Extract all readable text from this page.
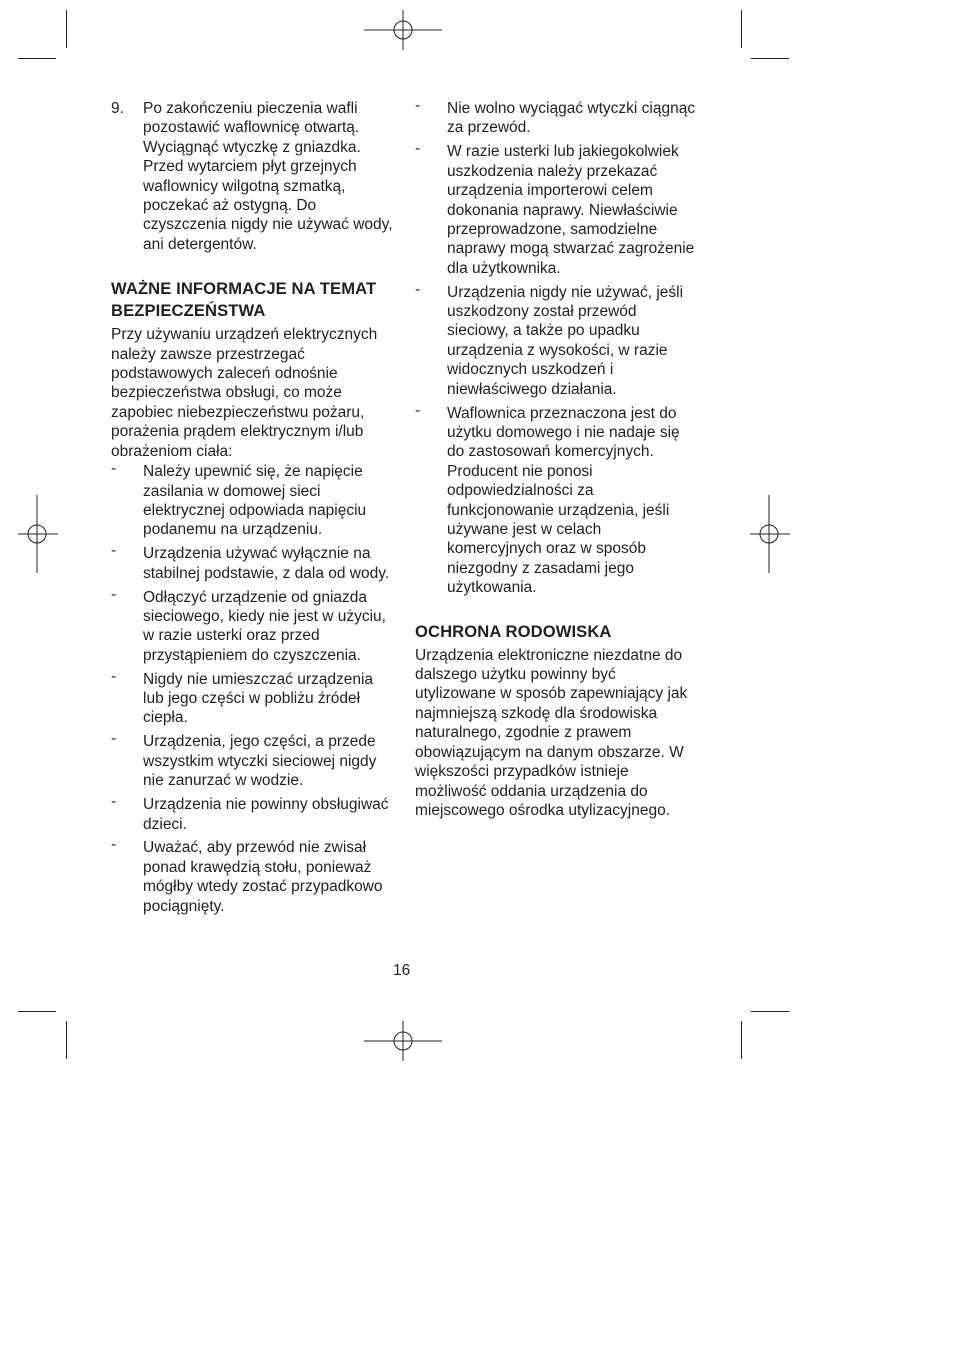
9. Po zakończeniu pieczenia wafli pozostawić waflownicę otwartą. Wyciągnąć wtyczkę z gniazdka. Przed wytarciem płyt grzejnych waflownicy wilgotną szmatką, poczekać aż ostygną. Do czyszczenia nigdy nie używać wody, ani detergentów.
WAŻNE INFORMACJE NA TEMAT BEZPIECZEŃSTWA

Przy używaniu urządzeń elektrycznych należy zawsze przestrzegać podstawowych zaleceń odnośnie bezpieczeństwa obsługi, co może zapobiec niebezpieczeństwu pożaru, porażenia prądem elektrycznym i/lub obrażeniom ciała:

- Należy upewnić się, że napięcie zasilania w domowej sieci elektrycznej odpowiada napięciu podanemu na urządzeniu.
- Urządzenia używać wyłącznie na stabilnej podstawie, z dala od wody.
- Odłączyć urządzenie od gniazda sieciowego, kiedy nie jest w użyciu, w razie usterki oraz przed przystąpieniem do czyszczenia.
- Nigdy nie umieszczać urządzenia lub jego części w pobliżu źródeł ciepła.
- Urządzenia, jego części, a przede wszystkim wtyczki sieciowej nigdy nie zanurzać w wodzie.
- Urządzenia nie powinny obsługiwać dzieci.
- Uważać, aby przewód nie zwisał ponad krawędzią stołu, ponieważ mógłby wtedy zostać przypadkowo pociągnięty.
- Nie wolno wyciągać wtyczki ciągnąc za przewód.
- W razie usterki lub jakiegokolwiek uszkodzenia należy przekazać urządzenia importerowi celem dokonania naprawy. Niewłaściwie przeprowadzone, samodzielne naprawy mogą stwarzać zagrożenie dla użytkownika.
- Urządzenia nigdy nie używać, jeśli uszkodzony został przewód sieciowy, a także po upadku urządzenia z wysokości, w razie widocznych uszkodzeń i niewłaściwego działania.
- Waflownica przeznaczona jest do użytku domowego i nie nadaje się do zastosowań komercyjnych. Producent nie ponosi odpowiedzialności za funkcjonowanie urządzenia, jeśli używane jest w celach komercyjnych oraz w sposób niezgodny z zasadami jego użytkowania.
OCHRONA RODOWISKA

Urządzenia elektroniczne niezdatne do dalszego użytku powinny być utylizowane w sposób zapewniający jak najmniejszą szkodę dla środowiska naturalnego, zgodnie z prawem obowiązującym na danym obszarze. W większości przypadków istnieje możliwość oddania urządzenia do miejscowego ośrodka utylizacyjnego.

16
